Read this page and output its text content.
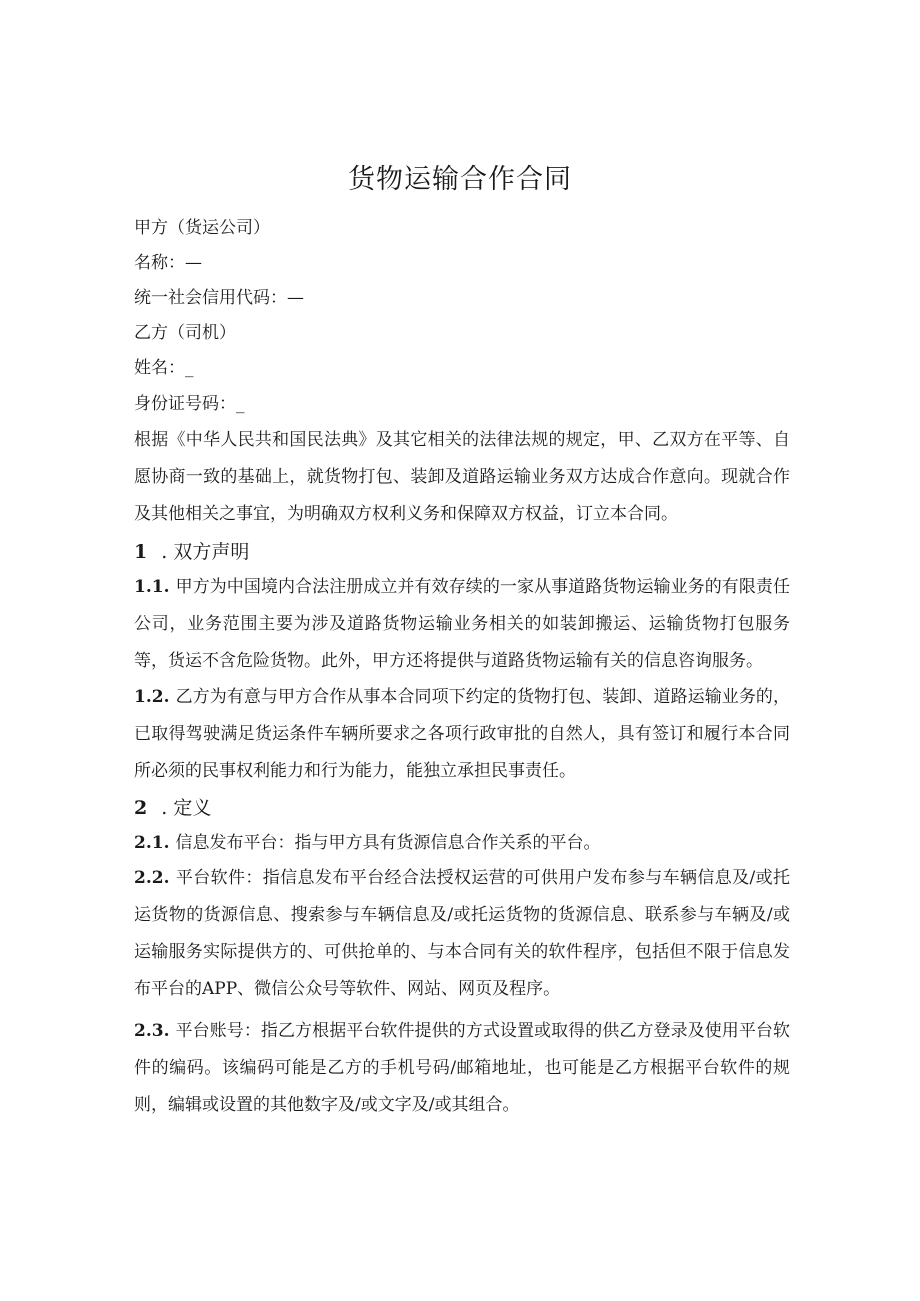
货物运输合作合同
甲方（货运公司）
名称：—
统一社会信用代码：—
乙方（司机）
姓名：_
身份证号码：_
根据《中华人民共和国民法典》及其它相关的法律法规的规定，甲、乙双方在平等、自愿协商一致的基础上，就货物打包、装卸及道路运输业务双方达成合作意向。现就合作及其他相关之事宜，为明确双方权利义务和保障双方权益，订立本合同。
1 . 双方声明
1.1. 甲方为中国境内合法注册成立并有效存续的一家从事道路货物运输业务的有限责任公司，业务范围主要为涉及道路货物运输业务相关的如装卸搬运、运输货物打包服务等，货运不含危险货物。此外，甲方还将提供与道路货物运输有关的信息咨询服务。
1.2. 乙方为有意与甲方合作从事本合同项下约定的货物打包、装卸、道路运输业务的，已取得驾驶满足货运条件车辆所要求之各项行政审批的自然人，具有签订和履行本合同所必须的民事权利能力和行为能力，能独立承担民事责任。
2 . 定义
2.1. 信息发布平台：指与甲方具有货源信息合作关系的平台。
2.2. 平台软件：指信息发布平台经合法授权运营的可供用户发布参与车辆信息及/或托运货物的货源信息、搜索参与车辆信息及/或托运货物的货源信息、联系参与车辆及/或运输服务实际提供方的、可供抢单的、与本合同有关的软件程序，包括但不限于信息发布平台的APP、微信公众号等软件、网站、网页及程序。
2.3. 平台账号：指乙方根据平台软件提供的方式设置或取得的供乙方登录及使用平台软件的编码。该编码可能是乙方的手机号码/邮箱地址，也可能是乙方根据平台软件的规则，编辑或设置的其他数字及/或文字及/或其组合。
